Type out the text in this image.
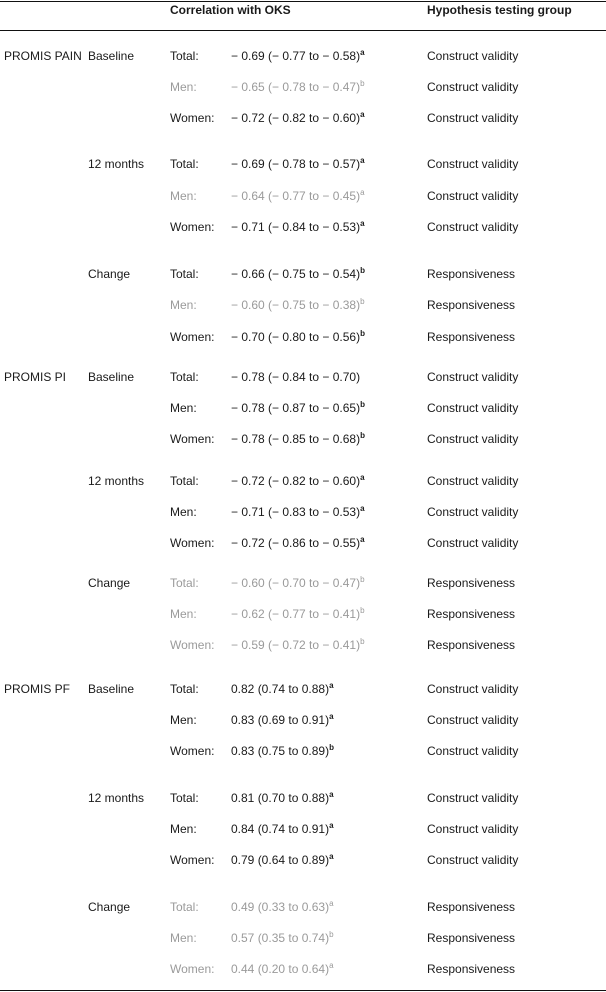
Correlation with OKS	Hypothesis testing group
PROMIS PAIN Baseline	Total:	− 0.69 (− 0.77 to − 0.58)$^a$	Construct validity
Men:	− 0.65 (− 0.78 to − 0.47)$^b$	Construct validity
Women: − 0.72 (− 0.82 to − 0.60)$^a$	Construct validity
12 months Total:	− 0.69 (− 0.78 to − 0.57)$^a$	Construct validity
Men:	− 0.64 (− 0.77 to − 0.45)$^a$	Construct validity
Women: − 0.71 (− 0.84 to − 0.53)$^a$	Construct validity
Change	Total:	− 0.66 (− 0.75 to − 0.54)$^b$	Responsiveness
Men:	− 0.60 (− 0.75 to − 0.38)$^b$	Responsiveness
Women: − 0.70 (− 0.80 to − 0.56)$^b$	Responsiveness
PROMIS PI Baseline	Total:	− 0.78 (− 0.84 to − 0.70)	Construct validity
Men:	− 0.78 (− 0.87 to − 0.65)$^b$	Construct validity
Women: − 0.78 (− 0.85 to − 0.68)$^b$	Construct validity
12 months Total:	− 0.72 (− 0.82 to − 0.60)$^a$	Construct validity
Men:	− 0.71 (− 0.83 to − 0.53)$^a$	Construct validity
Women: − 0.72 (− 0.86 to − 0.55)$^a$	Construct validity
Change	Total:	− 0.60 (− 0.70 to − 0.47)$^b$	Responsiveness
Men:	− 0.62 (− 0.77 to − 0.41)$^b$	Responsiveness
Women: − 0.59 (− 0.72 to − 0.41)$^b$	Responsiveness
PROMIS PF Baseline	Total:	0.82 (0.74 to 0.88)$^a$	Construct validity
Men:	0.83 (0.69 to 0.91)$^a$	Construct validity
Women: 0.83 (0.75 to 0.89)$^b$	Construct validity
12 months Total:	0.81 (0.70 to 0.88)$^a$	Construct validity
Men:	0.84 (0.74 to 0.91)$^a$	Construct validity
Women: 0.79 (0.64 to 0.89)$^a$	Construct validity
Change	Total:	0.49 (0.33 to 0.63)$^a$	Responsiveness
Men:	0.57 (0.35 to 0.74)$^b$	Responsiveness
Women: 0.44 (0.20 to 0.64)$^a$	Responsiveness
